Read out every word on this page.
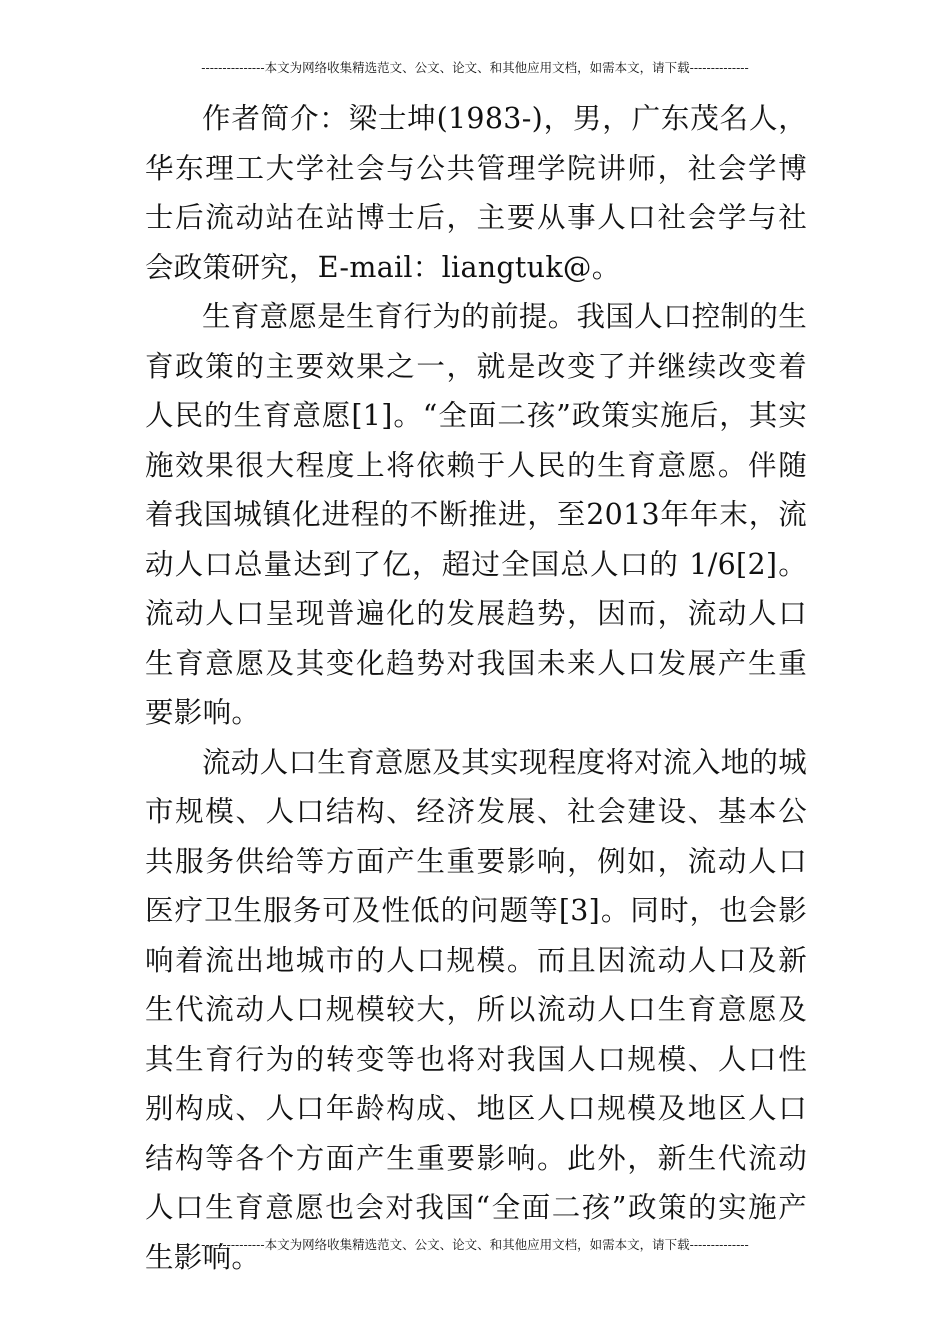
---------------本文为网络收集精选范文、公文、论文、和其他应用文档，如需本文，请下载--------------

作者简介：梁士坤(1983-)，男，广东茂名人，华东理工大学社会与公共管理学院讲师，社会学博士后流动站在站博士后，主要从事人口社会学与社会政策研究，E-mail：liangtuk@。

生育意愿是生育行为的前提。我国人口控制的生育政策的主要效果之一，就是改变了并继续改变着人民的生育意愿[1]。“全面二孩”政策实施后，其实施效果很大程度上将依赖于人民的生育意愿。伴随着我国城镇化进程的不断推进，至2013年年末，流动人口总量达到了亿，超过全国总人口的 1/6[2]。流动人口呈现普遍化的发展趋势，因而，流动人口生育意愿及其变化趋势对我国未来人口发展产生重要影响。

流动人口生育意愿及其实现程度将对流入地的城市规模、人口结构、经济发展、社会建设、基本公共服务供给等方面产生重要影响，例如，流动人口医疗卫生服务可及性低的问题等[3]。同时，也会影响着流出地城市的人口规模。而且因流动人口及新生代流动人口规模较大，所以流动人口生育意愿及其生育行为的转变等也将对我国人口规模、人口性别构成、人口年龄构成、地区人口规模及地区人口结构等各个方面产生重要影响。此外，新生代流动人口生育意愿也会对我国“全面二孩”政策的实施产生影响。

---------------本文为网络收集精选范文、公文、论文、和其他应用文档，如需本文，请下载--------------
